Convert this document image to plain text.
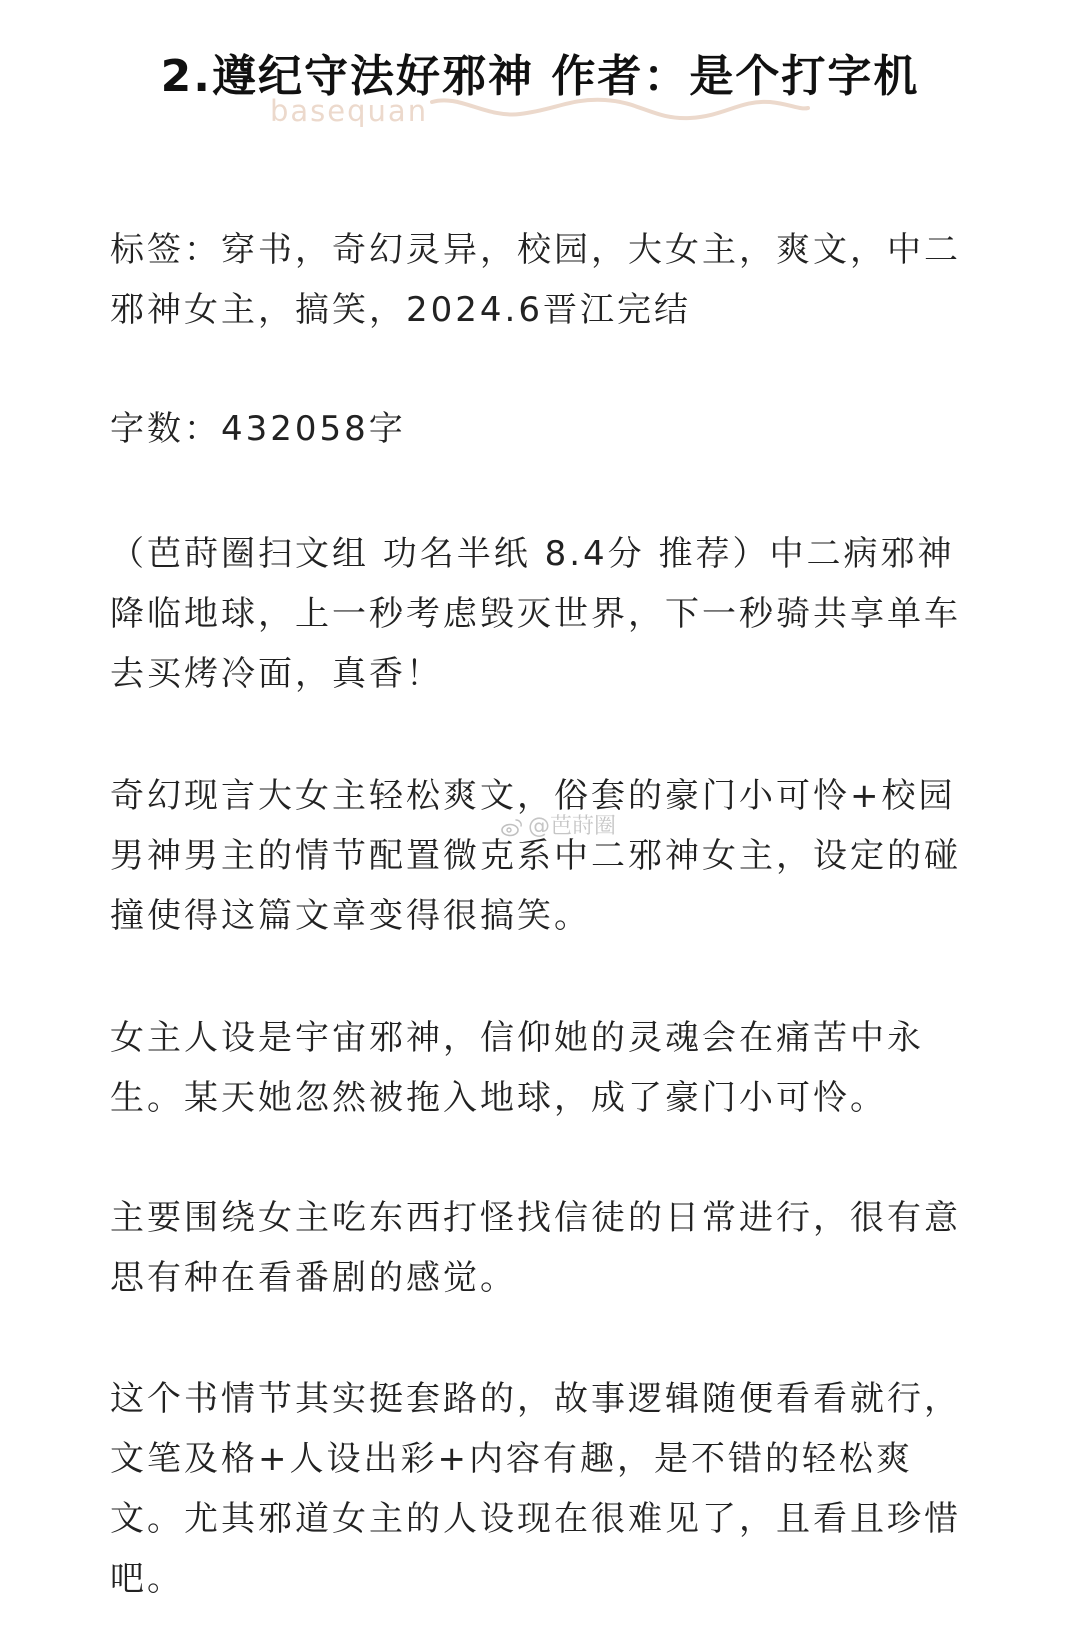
2.遵纪守法好邪神 作者：是个打字机
basequan

标签：穿书，奇幻灵异，校园，大女主，爽文，中二邪神女主，搞笑，2024.6晋江完结

字数：432058字

（芭莳圈扫文组 功名半纸 8.4分 推荐）中二病邪神降临地球，上一秒考虑毁灭世界，下一秒骑共享单车去买烤冷面，真香！

奇幻现言大女主轻松爽文，俗套的豪门小可怜+校园男神男主的情节配置微克系中二邪神女主，设定的碰撞使得这篇文章变得很搞笑。

女主人设是宇宙邪神，信仰她的灵魂会在痛苦中永生。某天她忽然被拖入地球，成了豪门小可怜。

主要围绕女主吃东西打怪找信徒的日常进行，很有意思有种在看番剧的感觉。

这个书情节其实挺套路的，故事逻辑随便看看就行，文笔及格+人设出彩+内容有趣，是不错的轻松爽文。尤其邪道女主的人设现在很难见了，且看且珍惜吧。

@芭莳圈
